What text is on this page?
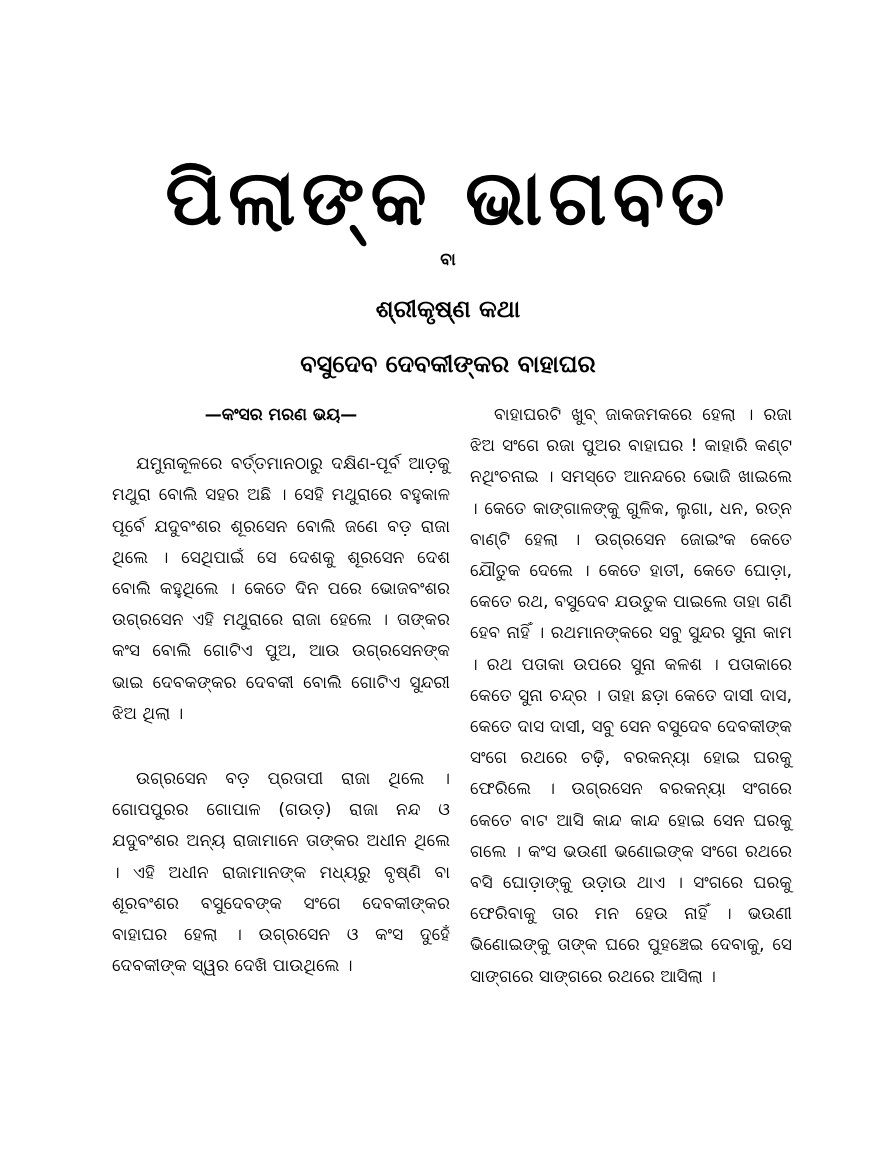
ପିଲାଙ୍କ ଭାଗବତ
ବା
ଶ୍ରୀକୃଷ୍ଣ କଥା
ବସୁଦେବ ଦେବକୀଙ୍କର ବାହାଘର
—କଂସର ମରଣ ଭୟ—

ଯମୁନାକୂଳରେ ବର୍ତ୍ତମାନଠାରୁ ଦକ୍ଷିଣ-ପୂର୍ବ ଆଡ଼କୁ ମଥୁରା ବୋଲି ସହର ଅଛି । ସେହି ମଥୁରାରେ ବହୁକାଳ ପୂର୍ବେ ଯଦୁବଂଶର ଶୂରସେନ ବୋଲି ଜଣେ ବଡ଼ ରାଜା ଥିଲେ । ସେଥିପାଇଁ ସେ ଦେଶକୁ ଶୂରସେନ ଦେଶ ବୋଲି କହୁଥିଲେ । କେତେ ଦିନ ପରେ ଭୋଜବଂଶର ଉଗ୍ରସେନ ଏହି ମଥୁରାରେ ରାଜା ହେଲେ । ତାଙ୍କର କଂସ ବୋଲି ଗୋଟିଏ ପୁଅ, ଆଉ ଉଗ୍ରସେନଙ୍କ ଭାଇ ଦେବକଙ୍କର ଦେବକୀ ବୋଲି ଗୋଟିଏ ସୁନ୍ଦରୀ ଝିଅ ଥିଲା ।

ଉଗ୍ରସେନ ବଡ଼ ପ୍ରତାପୀ ରାଜା ଥିଲେ । ଗୋପପୁରର ଗୋପାଳ (ଗଉଡ଼) ରାଜା ନନ୍ଦ ଓ ଯଦୁବଂଶର ଅନ୍ୟ ରାଜାମାନେ ତାଙ୍କର ଅଧୀନ ଥିଲେ । ଏହି ଅଧୀନ ରାଜାମାନଙ୍କ ମଧ୍ୟରୁ ବୃଷ୍ଣି ବା ଶୂରବଂଶର ବସୁଦେବଙ୍କ ସଂଗେ ଦେବକୀଙ୍କର ବାହାଘର ହେଲା । ଉଗ୍ରସେନ ଓ କଂସ ଦୁହେଁ ଦେବକୀଙ୍କ ସ୍ୱର ଦେଖି ପାଉଥିଲେ ।

ବାହାଘରଟି ଖୁବ୍ ଜାକଜମକରେ ହେଲା । ରଜା ଝିଅ ସଂଗେ ରଜା ପୁଅର ବାହାଘର ! କାହାରି କଣ୍ଟ ନଥିଂଚନାଇ । ସମସ୍ତେ ଆନନ୍ଦରେ ଭୋଜି ଖାଇଲେ । କେତେ କାଙ୍ଗାଳଙ୍କୁ ଗୁଳିକ, ଲୁଗା, ଧନ, ରତ୍ନ ବାଣ୍ଟି ହେଲା । ଉଗ୍ରସେନ ଜୋଇଂକ କେତେ ଯୌତୁକ ଦେଲେ । କେତେ ହାତୀ, କେତେ ଘୋଡ଼ା, କେତେ ରଥ, ବସୁଦେବ ଯଉତୁକ ପାଇଲେ ତାହା ଗଣି ହେବ ନାହିଁ । ରଥମାନଙ୍କରେ ସବୁ ସୁନ୍ଦର ସୁନା କାମ । ରଥ ପତାକା ଉପରେ ସୁନା କଳଶ । ପତାକାରେ କେତେ ସୁନା ଚନ୍ଦ୍ର । ତାହା ଛଡ଼ା କେତେ ଦାସୀ ଦାସ, କେତେ ଦାସ ଦାସୀ, ସବୁ ସେନ ବସୁଦେବ ଦେବକୀଙ୍କ ସଂଗେ ରଥରେ ଚଢ଼ି, ବରକନ୍ୟା ହୋଇ ଘରକୁ ଫେରିଲେ । ଉଗ୍ରସେନ ବରକନ୍ୟା ସଂଗରେ କେତେ ବାଟ ଆସି କାନ୍ଦ କାନ୍ଦ ହୋଇ ସେନ ଘରକୁ ଗଲେ । କଂସ ଭଉଣୀ ଭଣୋଇଙ୍କ ସଂଗେ ରଥରେ ବସି ଘୋଡ଼ାଙ୍କୁ ଉଡ଼ାଉ ଥାଏ । ସଂଗରେ ଘରକୁ ଫେରିବାକୁ ତାର ମନ ହେଉ ନାହିଁ । ଭଉଣୀ ଭିଣୋଇଙ୍କୁ ତାଙ୍କ ଘରେ ପୁହଞ୍ଚେଇ ଦେବାକୁ, ସେ ସାଙ୍ଗରେ ସାଙ୍ଗରେ ରଥରେ ଆସିଲା ।
